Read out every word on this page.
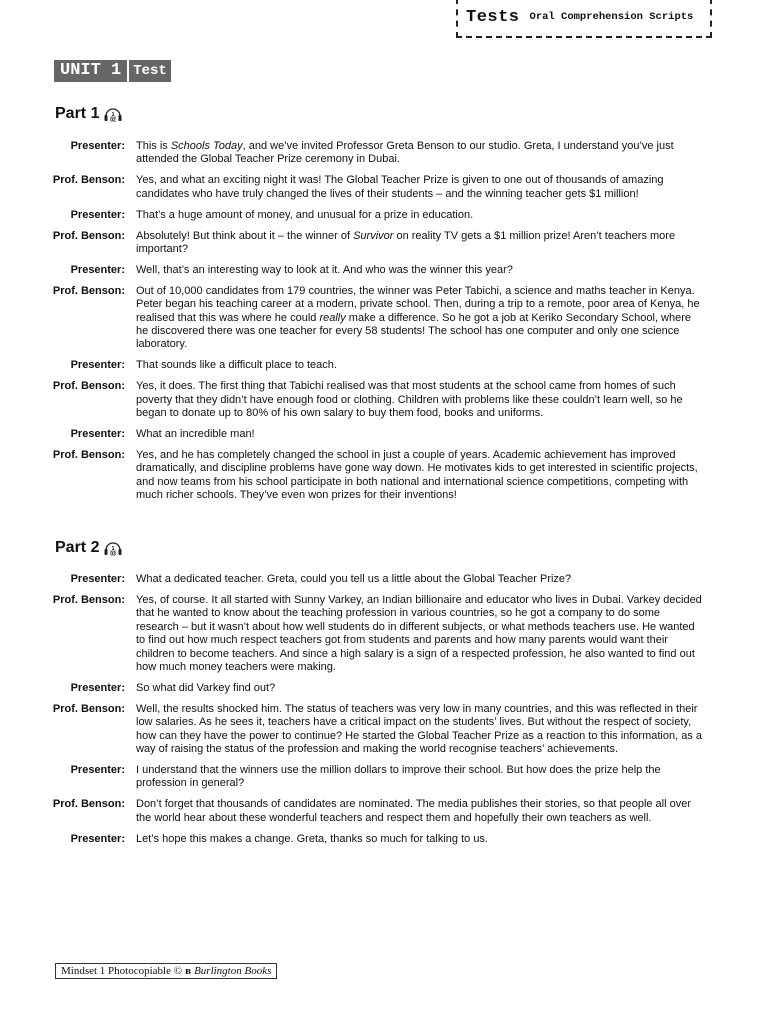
Tests Oral Comprehension Scripts
UNIT 1 Test
Part 1	1
02
Presenter:	This is Schools Today, and we’ve invited Professor Greta Benson to our studio. Greta, I understand you’ve just attended the Global Teacher Prize ceremony in Dubai.
Prof. Benson:	Yes, and what an exciting night it was! The Global Teacher Prize is given to one out of thousands of amazing candidates who have truly changed the lives of their students – and the winning teacher gets $1 million!
Presenter:	That’s a huge amount of money, and unusual for a prize in education.
Prof. Benson:	Absolutely! But think about it – the winner of Survivor on reality TV gets a $1 million prize! Aren’t teachers more important?
Presenter:	Well, that’s an interesting way to look at it. And who was the winner this year?
Prof. Benson:	Out of 10,000 candidates from 179 countries, the winner was Peter Tabichi, a science and maths teacher in Kenya. Peter began his teaching career at a modern, private school. Then, during a trip to a remote, poor area of Kenya, he realised that this was where he could really make a difference. So he got a job at Keriko Secondary School, where he discovered there was one teacher for every 58 students! The school has one computer and only one science laboratory.
Presenter:	That sounds like a difficult place to teach.
Prof. Benson:	Yes, it does. The first thing that Tabichi realised was that most students at the school came from homes of such poverty that they didn’t have enough food or clothing. Children with problems like these couldn’t learn well, so he began to donate up to 80% of his own salary to buy them food, books and uniforms.
Presenter:	What an incredible man!
Prof. Benson:	Yes, and he has completely changed the school in just a couple of years. Academic achievement has improved dramatically, and discipline problems have gone way down. He motivates kids to get interested in scientific projects, and now teams from his school participate in both national and international science competitions, competing with much richer schools. They’ve even won prizes for their inventions!
Part 2	1
03
Presenter:	What a dedicated teacher. Greta, could you tell us a little about the Global Teacher Prize?
Prof. Benson:	Yes, of course. It all started with Sunny Varkey, an Indian billionaire and educator who lives in Dubai. Varkey decided that he wanted to know about the teaching profession in various countries, so he got a company to do some research – but it wasn’t about how well students do in different subjects, or what methods teachers use. He wanted to find out how much respect teachers got from students and parents and how many parents would want their children to become teachers. And since a high salary is a sign of a respected profession, he also wanted to find out how much money teachers were making.
Presenter:	So what did Varkey find out?
Prof. Benson:	Well, the results shocked him. The status of teachers was very low in many countries, and this was reflected in their low salaries. As he sees it, teachers have a critical impact on the students’ lives. But without the respect of society, how can they have the power to continue? He started the Global Teacher Prize as a reaction to this information, as a way of raising the status of the profession and making the world recognise teachers’ achievements.
Presenter:	I understand that the winners use the million dollars to improve their school. But how does the prize help the profession in general?
Prof. Benson:	Don’t forget that thousands of candidates are nominated. The media publishes their stories, so that people all over the world hear about these wonderful teachers and respect them and hopefully their own teachers as well.
Presenter:	Let’s hope this makes a change. Greta, thanks so much for talking to us.
Mindset 1 Photocopiable © ʙ Burlington Books
